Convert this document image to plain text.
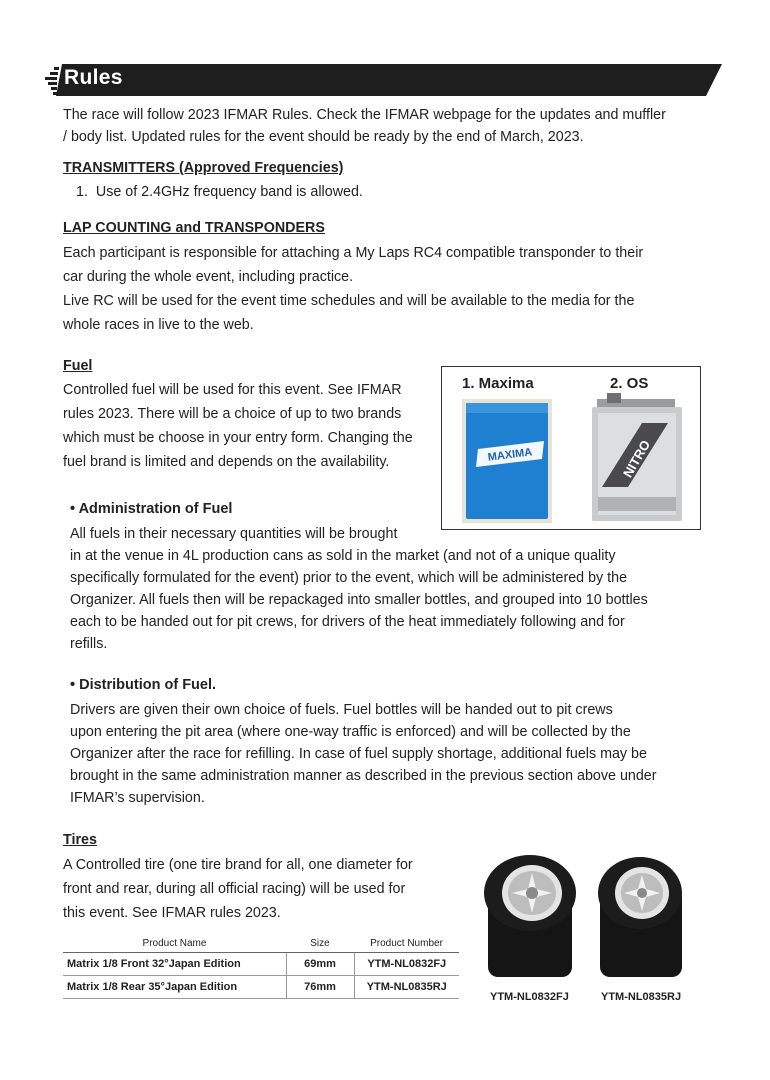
Rules

The race will follow 2023 IFMAR Rules. Check the IFMAR webpage for the updates and muffler

/ body list. Updated rules for the event should be ready by the end of March, 2023.

TRANSMITTERS (Approved Frequencies)

1.  Use of 2.4GHz frequency band is allowed.

LAP COUNTING and TRANSPONDERS

Each participant is responsible for attaching a My Laps RC4 compatible transponder to their

car during the whole event, including practice.

Live RC will be used for the event time schedules and will be available to the media for the

whole races in live to the web.

Fuel

Controlled fuel will be used for this event. See IFMAR

rules 2023. There will be a choice of up to two brands

which must be choose in your entry form. Changing the

fuel brand is limited and depends on the availability.

1. Maxima	2. OS
MAXIMA	NITRO

• Administration of Fuel

All fuels in their necessary quantities will be brought

in at the venue in 4L production cans as sold in the market (and not of a unique quality

specifically formulated for the event) prior to the event, which will be administered by the

Organizer. All fuels then will be repackaged into smaller bottles, and grouped into 10 bottles

each to be handed out for pit crews, for drivers of the heat immediately following and for

refills.

• Distribution of Fuel.

Drivers are given their own choice of fuels. Fuel bottles will be handed out to pit crews

upon entering the pit area (where one-way traffic is enforced) and will be collected by the

Organizer after the race for refilling. In case of fuel supply shortage, additional fuels may be

brought in the same administration manner as described in the previous section above under

IFMAR’s supervision.

Tires

A Controlled tire (one tire brand for all, one diameter for

front and rear, during all official racing) will be used for

this event. See IFMAR rules 2023.

Product Name	Size	Product Number
Matrix 1/8 Front 32°Japan Edition	69mm	YTM-NL0832FJ
Matrix 1/8 Rear 35°Japan Edition	76mm	YTM-NL0835RJ
YTM-NL0832FJ	YTM-NL0835RJ
